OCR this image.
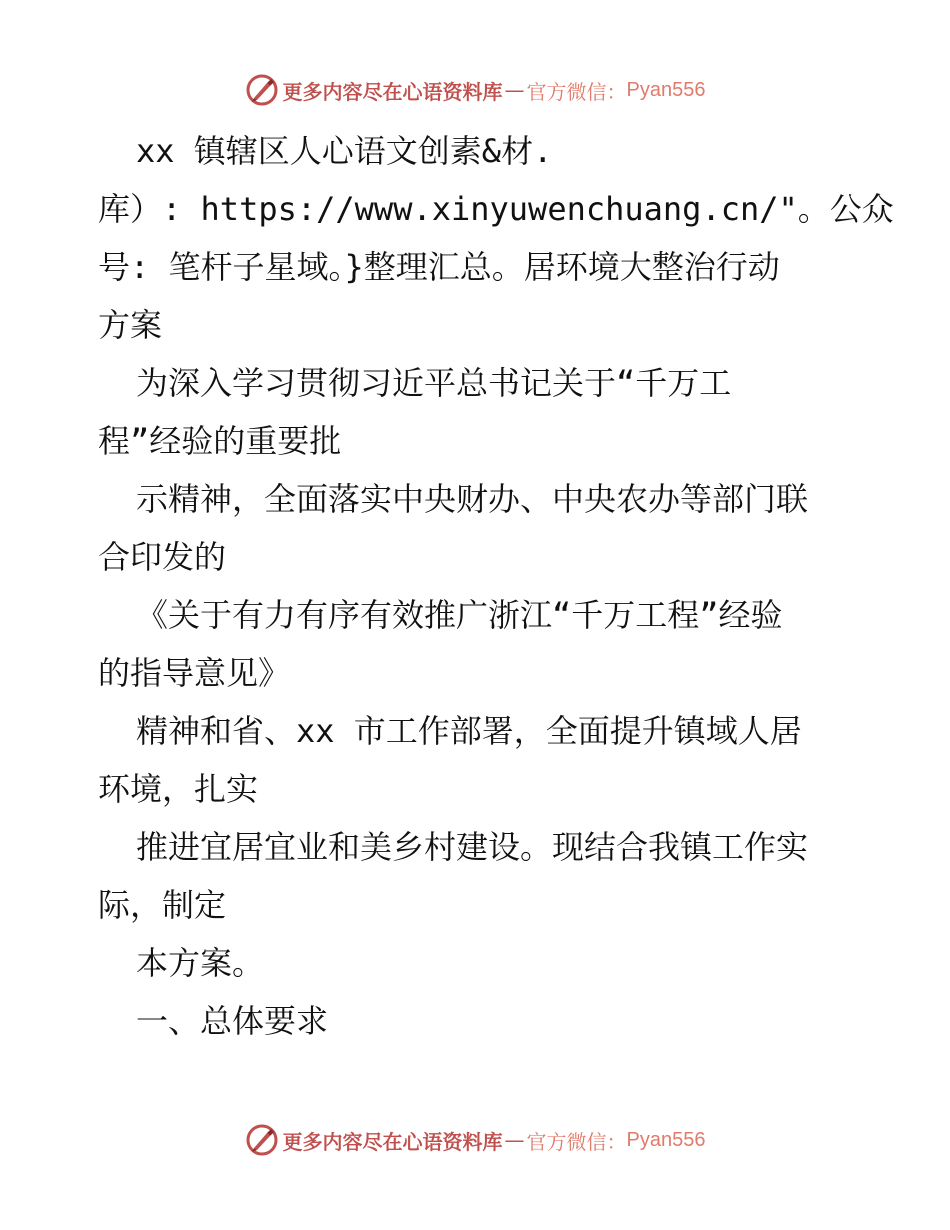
更多内容尽在心语资料库 — 官方微信： Pyan556
xx 镇辖区人心语文创素&材.
库）: https://www.xinyuwenchuang.cn/"。公众
号: 笔杆子星域。}整理汇总。居环境大整治行动
方案
为深入学习贯彻习近平总书记关于“千万工
程”经验的重要批
示精神，全面落实中央财办、中央农办等部门联
合印发的
《关于有力有序有效推广浙江“千万工程”经验
的指导意见》
精神和省、xx 市工作部署，全面提升镇域人居
环境，扎实
推进宜居宜业和美乡村建设。现结合我镇工作实
际，制定
本方案。
一、总体要求
更多内容尽在心语资料库 — 官方微信： Pyan556
